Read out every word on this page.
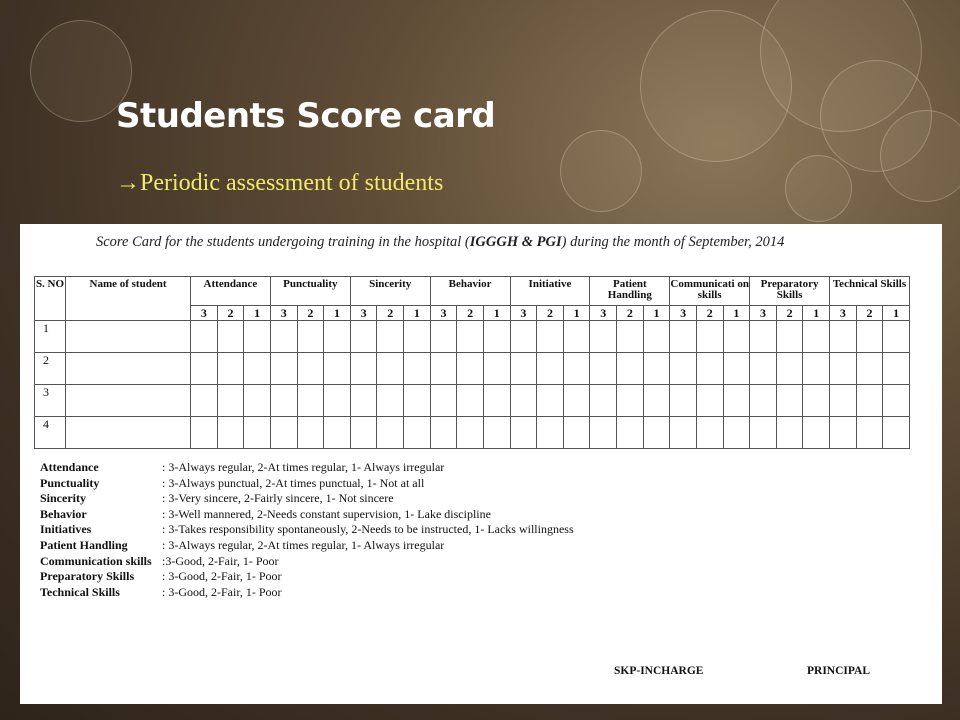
Students Score card
→Periodic assessment of students
Score Card for the students undergoing training in the hospital (IGGGH & PGI) during the month of September, 2014
S. NO	Name of student	Attendance			Punctuality			Sincerity			Behavior			Initiative			Patient Handling			Communicati on skills			Preparatory Skills			Technical Skills		
		3	2	1	3	2	1	3	2	1	3	2	1	3	2	1	3	2	1	3	2	1	3	2	1	3	2	1
1																												
2																												
3																												
4																												
Attendance	: 3-Always regular, 2-At times regular, 1- Always irregular
Punctuality	: 3-Always punctual, 2-At times punctual, 1- Not at all
Sincerity	: 3-Very sincere, 2-Fairly sincere, 1- Not sincere
Behavior	: 3-Well mannered, 2-Needs constant supervision, 1- Lake discipline
Initiatives	: 3-Takes responsibility spontaneously, 2-Needs to be instructed, 1- Lacks willingness
Patient Handling	: 3-Always regular, 2-At times regular, 1- Always irregular
Communication skills :3-Good, 2-Fair, 1- Poor
Preparatory Skills	: 3-Good, 2-Fair, 1- Poor
Technical Skills	: 3-Good, 2-Fair, 1- Poor
SKP-INCHARGE	PRINCIPAL
